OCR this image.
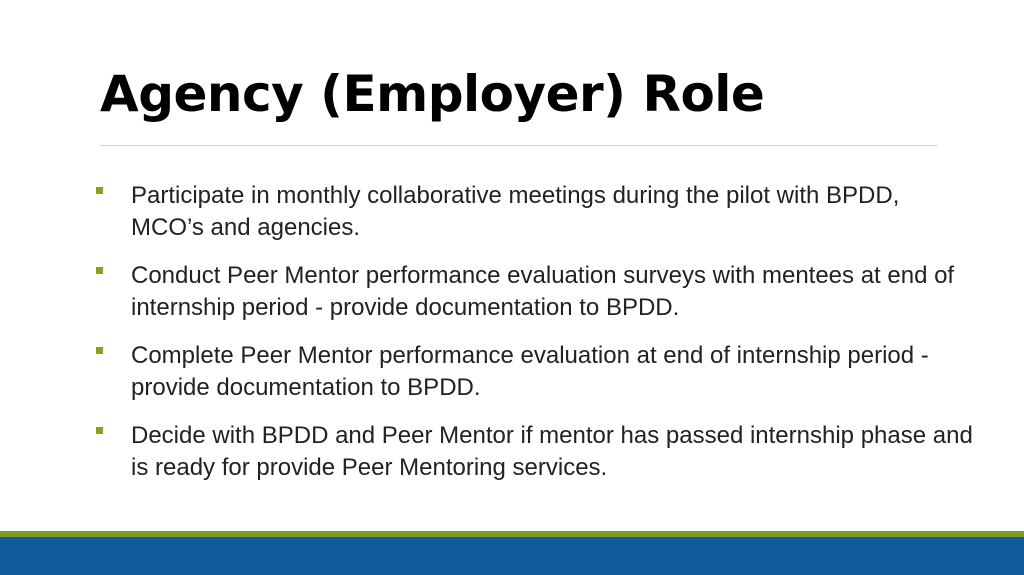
Agency (Employer) Role
Participate in monthly collaborative meetings during the pilot with BPDD, MCO’s and agencies.
Conduct Peer Mentor performance evaluation surveys with mentees at end of internship period - provide documentation to BPDD.
Complete Peer Mentor performance evaluation at end of internship period - provide documentation to BPDD.
Decide with BPDD and Peer Mentor if mentor has passed internship phase and is ready for provide Peer Mentoring services.
